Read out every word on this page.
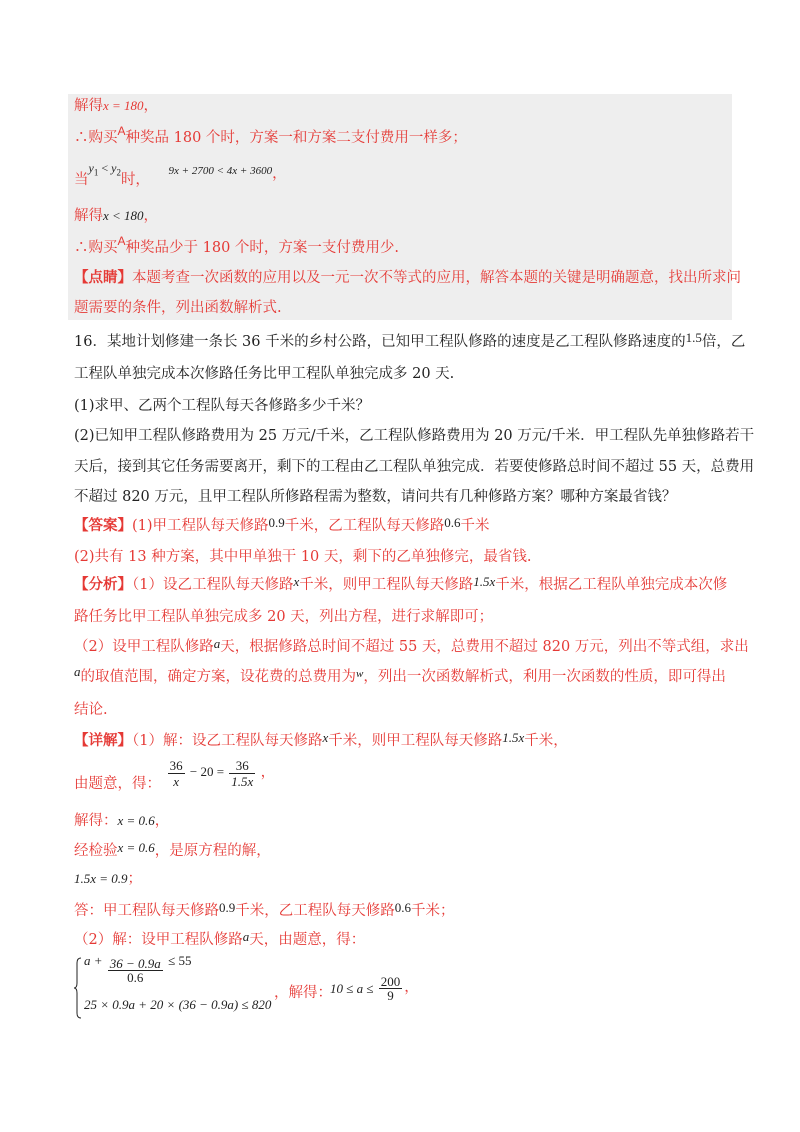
解得x = 180，
∴购买$^A$种奖品 180 个时，方案一和方案二支付费用一样多；
当$^{y_1 < y_2}$时， 9x + 2700 < 4x + 3600，
解得x < 180，
∴购买$^A$种奖品少于 180 个时，方案一支付费用少.
【点睛】本题考查一次函数的应用以及一元一次不等式的应用，解答本题的关键是明确题意，找出所求问
题需要的条件，列出函数解析式.
16．某地计划修建一条长 36 千米的乡村公路，已知甲工程队修路的速度是乙工程队修路速度的1.5倍，乙
工程队单独完成本次修路任务比甲工程队单独完成多 20 天.
(1)求甲、乙两个工程队每天各修路多少千米？
(2)已知甲工程队修路费用为 25 万元/千米，乙工程队修路费用为 20 万元/千米．甲工程队先单独修路若干
天后，接到其它任务需要离开，剩下的工程由乙工程队单独完成．若要使修路总时间不超过 55 天，总费用
不超过 820 万元，且甲工程队所修路程需为整数，请问共有几种修路方案？哪种方案最省钱？
【答案】(1)甲工程队每天修路0.9千米，乙工程队每天修路0.6千米
(2)共有 13 种方案，其中甲单独干 10 天，剩下的乙单独修完，最省钱.
【分析】（1）设乙工程队每天修路x千米，则甲工程队每天修路1.5x千米，根据乙工程队单独完成本次修
路任务比甲工程队单独完成多 20 天，列出方程，进行求解即可；
（2）设甲工程队修路a天，根据修路总时间不超过 55 天，总费用不超过 820 万元，列出不等式组，求出
a的取值范围，确定方案，设花费的总费用为$^w$，列出一次函数解析式，利用一次函数的性质，即可得出
结论.
【详解】（1）解：设乙工程队每天修路x千米，则甲工程队每天修路1.5x千米，
由题意，得： $\frac{36}{x} - 20 = \frac{36}{1.5x}$ ，
解得：x = 0.6，
经检验x = 0.6，是原方程的解，
1.5x = 0.9；
答：甲工程队每天修路0.9千米，乙工程队每天修路0.6千米；
（2）解：设甲工程队修路a天，由题意，得：
$a + \frac{36 - 0.9a}{0.6} \le 55$
25 × 0.9a + 20 × (36 − 0.9a) ≤ 820
，解得：
$10 \le a \le \frac{200}{9}$ ，
